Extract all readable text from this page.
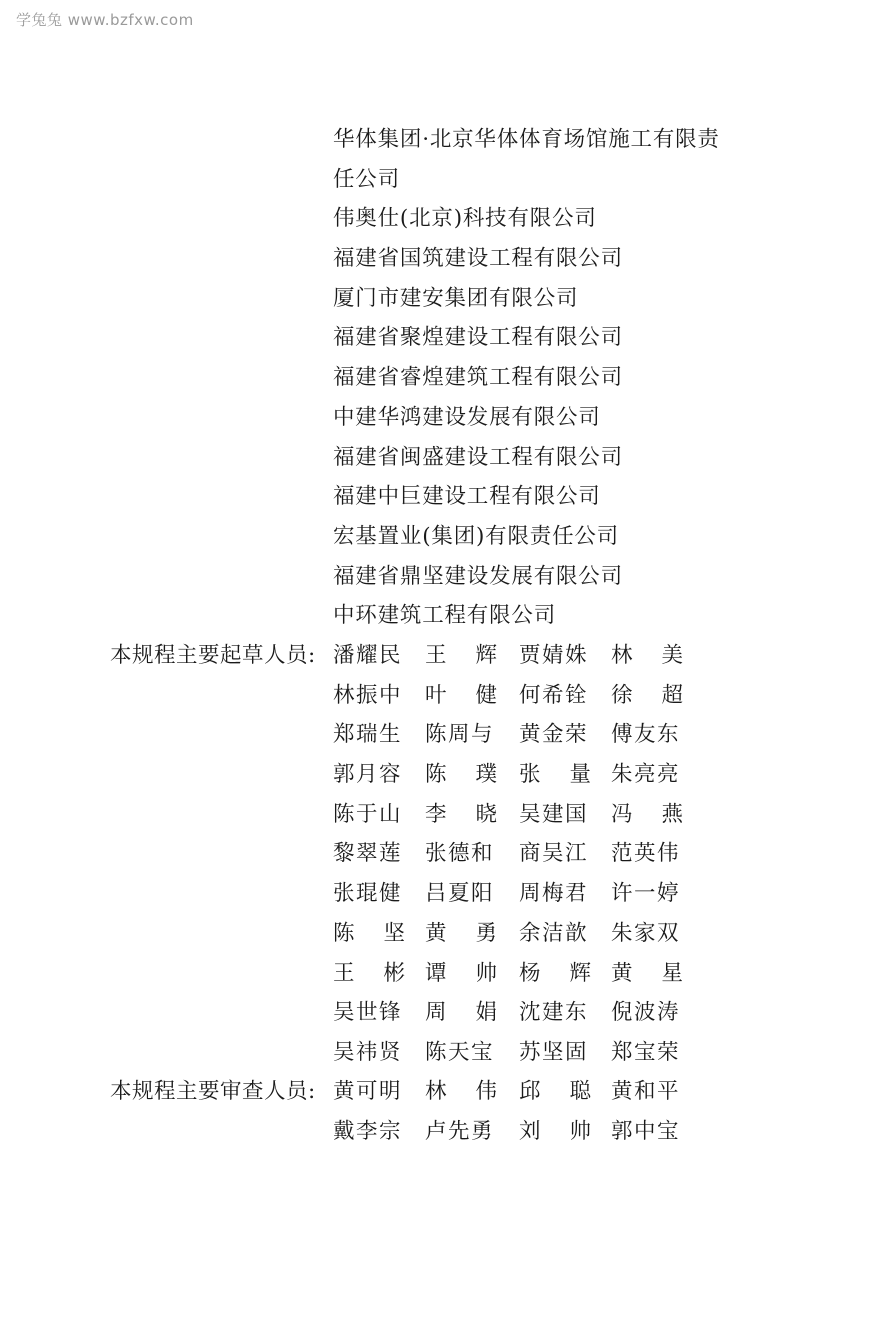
学兔兔 www.bzfxw.com
华体集团·北京华体体育场馆施工有限责
任公司
伟奥仕(北京)科技有限公司
福建省国筑建设工程有限公司
厦门市建安集团有限公司
福建省聚煌建设工程有限公司
福建省睿煌建筑工程有限公司
中建华鸿建设发展有限公司
福建省闽盛建设工程有限公司
福建中巨建设工程有限公司
宏基置业(集团)有限责任公司
福建省鼎坚建设发展有限公司
中环建筑工程有限公司
本规程主要起草人员: 潘耀民 王 辉 贾婧姝 林 美
林振中 叶 健 何希铨 徐 超
郑瑞生 陈周与 黄金荣 傅友东
郭月容 陈 璞 张 量 朱亮亮
陈于山 李 晓 吴建国 冯 燕
黎翠莲 张德和 商吴江 范英伟
张琨健 吕夏阳 周梅君 许一婷
陈 坚 黄 勇 余洁歆 朱家双
王 彬 谭 帅 杨 辉 黄 星
吴世锋 周 娟 沈建东 倪波涛
吴祎贤 陈天宝 苏坚固 郑宝荣
本规程主要审查人员: 黄可明 林 伟 邱 聪 黄和平
戴李宗 卢先勇 刘 帅 郭中宝
